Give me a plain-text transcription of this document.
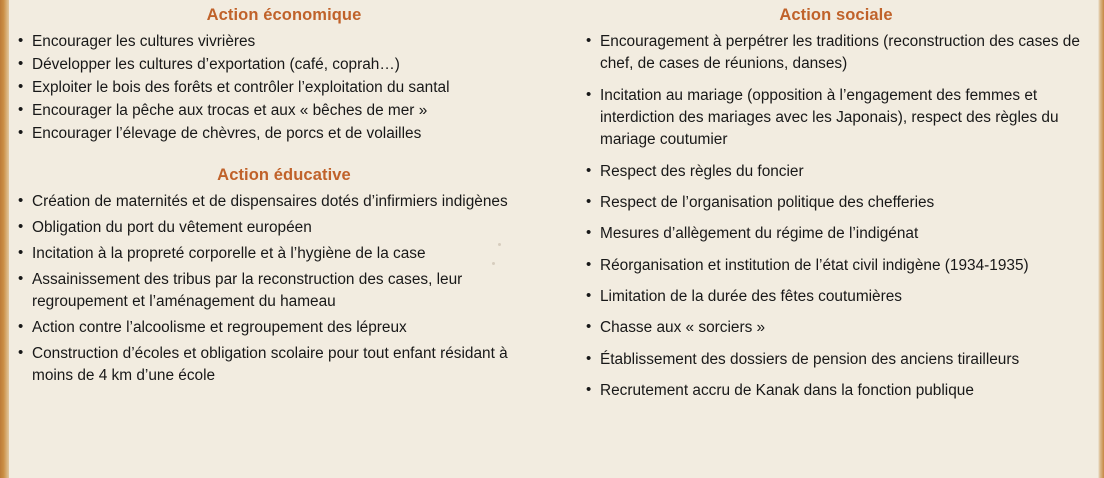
Action économique
• Encourager les cultures vivrières
• Développer les cultures d’exportation (café, coprah…)
• Exploiter le bois des forêts et contrôler l’exploitation du santal
• Encourager la pêche aux trocas et aux « bêches de mer »
• Encourager l’élevage de chèvres, de porcs et de volailles
Action éducative
• Création de maternités et de dispensaires dotés d’infirmiers indigènes
• Obligation du port du vêtement européen
• Incitation à la propreté corporelle et à l’hygiène de la case
• Assainissement des tribus par la reconstruction des cases, leur regroupement et l’aménagement du hameau
• Action contre l’alcoolisme et regroupement des lépreux
• Construction d’écoles et obligation scolaire pour tout enfant résidant à moins de 4 km d’une école
Action sociale
• Encouragement à perpétrer les traditions (reconstruction des cases de chef, de cases de réunions, danses)
• Incitation au mariage (opposition à l’engagement des femmes et interdiction des mariages avec les Japonais), respect des règles du mariage coutumier
• Respect des règles du foncier
• Respect de l’organisation politique des chefferies
• Mesures d’allègement du régime de l’indigénat
• Réorganisation et institution de l’état civil indigène (1934-1935)
• Limitation de la durée des fêtes coutumières
• Chasse aux « sorciers »
• Établissement des dossiers de pension des anciens tirailleurs
• Recrutement accru de Kanak dans la fonction publique
